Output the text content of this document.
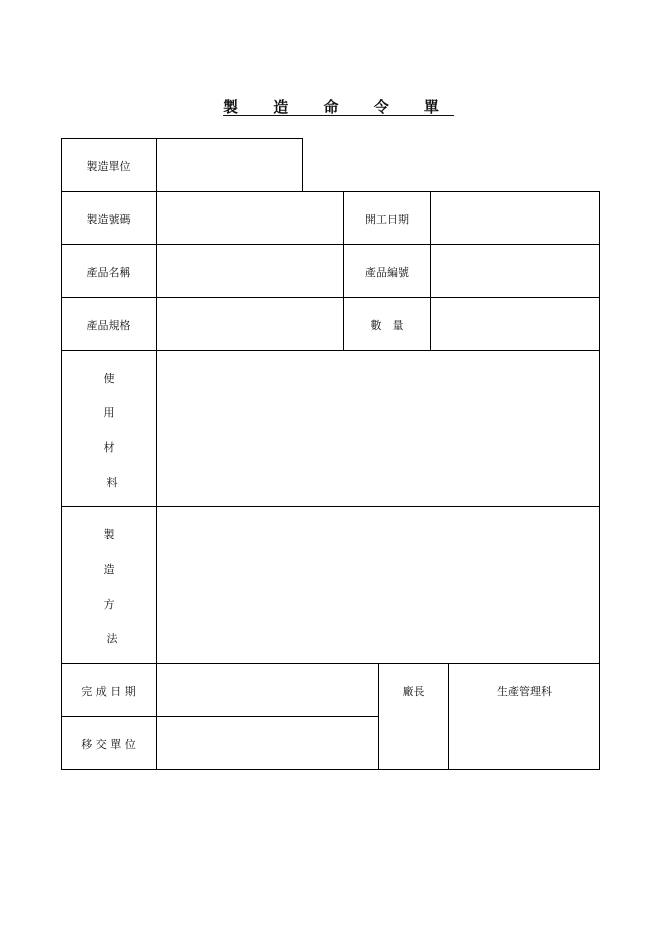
製 造 命 令 單
製造單位
製造號碼	開工日期
產品名稱	產品編號
產品規格	數　量
使
用
材
料
製
造
方
法
完 成 日 期	廠長	生產管理科
移 交 單 位
